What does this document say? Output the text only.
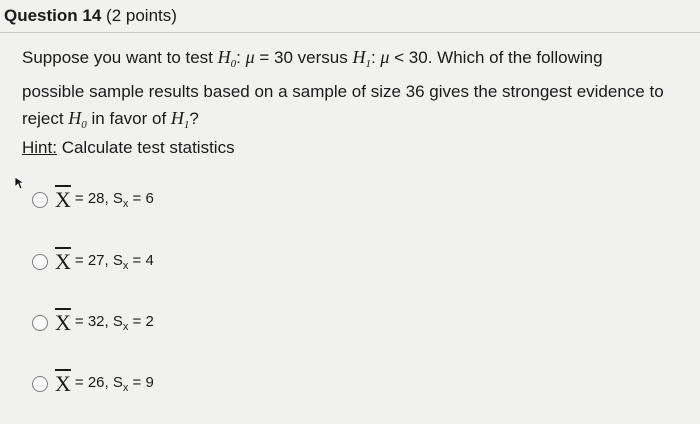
Question 14 (2 points)
Suppose you want to test $H_0$: μ = 30 versus $H_1$: μ < 30. Which of the following
possible sample results based on a sample of size 36 gives the strongest evidence to
reject $H_0$ in favor of $H_1$?
Hint: Calculate test statistics
$\overline{X} = 28$, $S_x = 6$
$\overline{X} = 27$, $S_x = 4$
$\overline{X} = 32$, $S_x = 2$
$\overline{X} = 26$, $S_x = 9$
